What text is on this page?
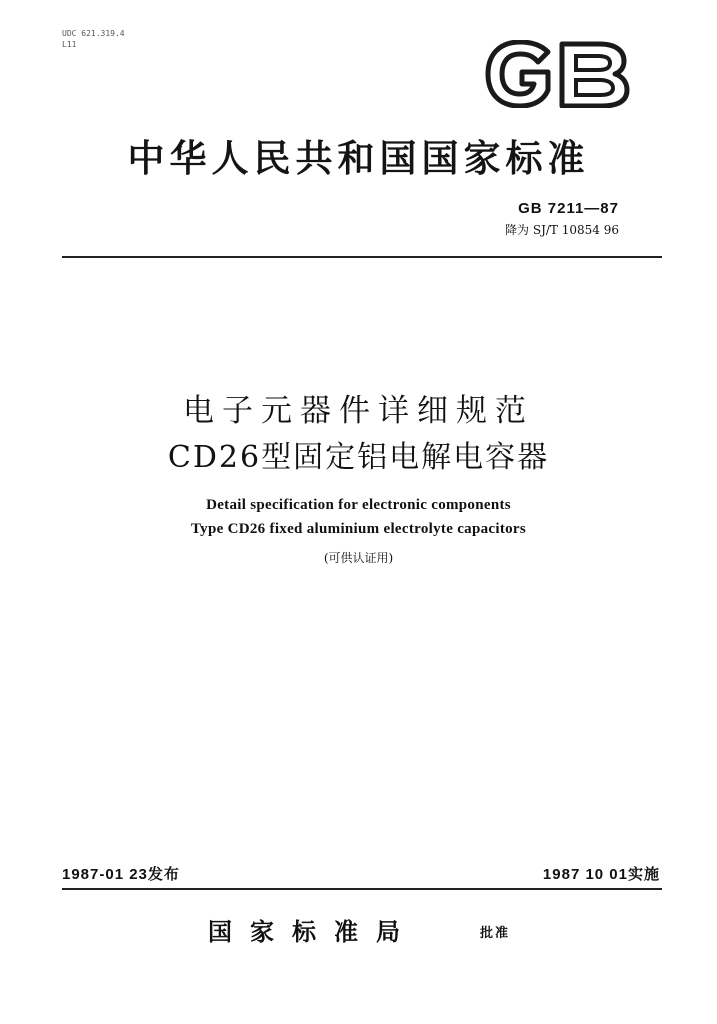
UDC 621.319.4
L11
中华人民共和国国家标准
GB 7211—87
降为 SJ/T 10854 96
电子元器件详细规范
CD26型固定铝电解电容器
Detail specification for electronic components
Type CD26 fixed aluminium electrolyte capacitors
(可供认证用)
1987-01 23发布	1987 10 01实施
国家标准局	批准
